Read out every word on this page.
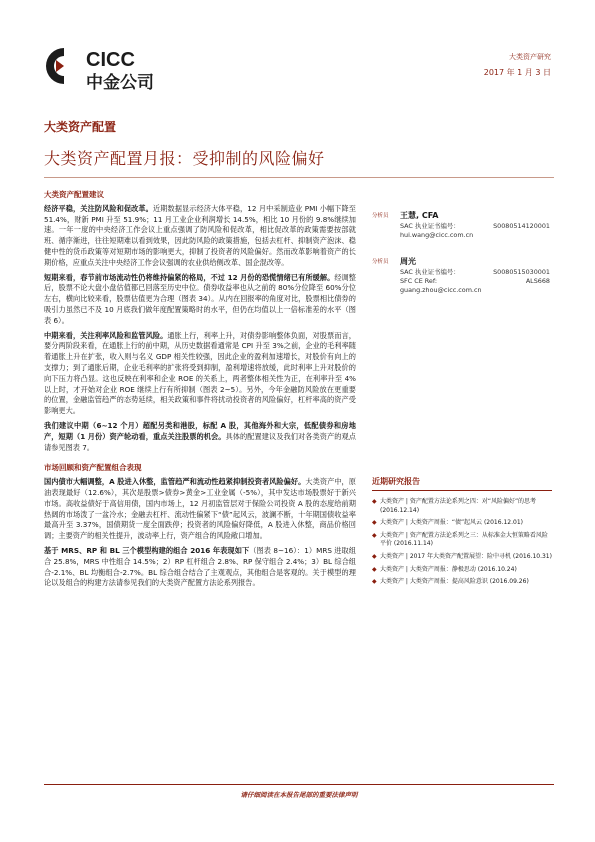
CICC
中金公司
大类资产研究
2017 年 1 月 3 日
大类资产配置
大类资产配置月报：受抑制的风险偏好
大类资产配置建议

经济平稳，关注防风险和促改革。近期数据显示经济大体平稳，12 月中采制造业 PMI 小幅下降至 51.4%，财新 PMI 升至 51.9%；11 月工业企业利润增长 14.5%，相比 10 月份的 9.8%继续加速。一年一度的中央经济工作会议上重点强调了防风险和促改革，相比促改革的政策需要按部就班、循序渐进，往往短期难以看到效果，因此防风险的政策措施，包括去杠杆、抑制资产泡沫、稳健中性的货币政策等对短期市场的影响更大，抑制了投资者的风险偏好。然而改革影响着资产的长期价格，应重点关注中央经济工作会议强调的农业供给侧改革、国企混改等。

短期来看，春节前市场流动性仍将维持偏紧的格局，不过 12 月份的恐慌情绪已有所缓解。经调整后，股票不论大盘小盘估值都已回落至历史中位。债券收益率也从之前的 80%分位降至 60%分位左右，横向比较来看，股票估值更为合理（图表 34）。从内在回报率的角度对比，股票相比债券的吸引力虽然已不及 10 月底我们做年度配置策略时的水平，但仍在均值以上一倍标准差的水平（图表 6）。

中期来看，关注利率风险和监管风险。通胀上行，利率上升，对债券影响整体负面，对股票而言，要分两阶段来看，在通胀上行的前中期，从历史数据看通常是 CPI 升至 3%之前，企业的毛利率随着通胀上升在扩张，收入则与名义 GDP 相关性较强，因此企业的盈利加速增长，对股价有向上的支撑力；到了通胀后期，企业毛利率的扩张将受到抑制，盈利增速将放缓，此时利率上升对股价的向下压力将凸显。这也反映在利率和企业 ROE 的关系上，两者整体相关性为正，在利率升至 4%以上时，才开始对企业 ROE 继续上行有所抑制（图表 2~5）。另外，今年金融防风险放在更重要的位置，金融监管趋严的态势延续，相关政策和事件将扰动投资者的风险偏好，杠杆率高的资产受影响更大。

我们建议中期（6~12 个月）超配另类和港股，标配 A 股，其他海外和大宗，低配债券和房地产，短期（1 月份）资产轮动看，重点关注股票的机会。具体的配置建议及我们对各类资产的观点请参见图表 7。

市场回顾和资产配置组合表现

国内债市大幅调整，A 股进入休整，监管趋严和流动性趋紧抑制投资者风险偏好。大类资产中，原油表现最好（12.6%），其次是股票>债券>黄金>工业金属（-5%），其中发达市场股票好于新兴市场。高收益债好于高信用债，国内市场上，12 月初监管层对于保险公司投资 A 股的态度给前期热阔的市场泼了一盆冷水；金融去杠杆、流动性偏紧下“债”起风云，波澜不断，十年期国债收益率最高升至 3.37%，国债期货一度全面跌停；投资者的风险偏好降低，A 股进入休整，商品价格回调；主要资产的相关性提升，波动率上行，资产组合的风险敞口增加。

基于 MRS、RP 和 BL 三个模型构建的组合 2016 年表现如下（图表 8~16）：1）MRS 进取组合 25.8%，MRS 中性组合 14.5%；2）RP 杠杆组合 2.8%、RP 保守组合 2.4%；3）BL 综合组合-2.1%、BL 均衡组合-2.7%。BL 综合组合结合了主观观点，其他组合是客观的。关于模型的理论以及组合的构建方法请参见我们的大类资产配置方法论系列报告。

分析员	王慧, CFA
SAC 执业证书编号：	S0080514120001
hui.wang@cicc.com.cn
分析员	周光
SAC 执业证书编号：	S0080515030001
SFC CE Ref:	ALS668
guang.zhou@cicc.com.cn
近期研究报告
◆ 大类资产 | 资产配置方法论系列之四：对“风险偏好”的思考 (2016.12.14)
◆ 大类资产 | 大类资产周报：“债”起风云 (2016.12.01)
◆ 大类资产 | 资产配置方法论系列之三：从标准金大恒策略看风险平价 (2016.11.14)
◆ 大类资产 | 2017 年大类资产配置展望：险中寻机 (2016.10.31)
◆ 大类资产 | 大类资产周报：静极思动 (2016.10.24)
◆ 大类资产 | 大类资产周报：提高风险意识 (2016.09.26)
请仔细阅读在本报告尾部的重要法律声明
